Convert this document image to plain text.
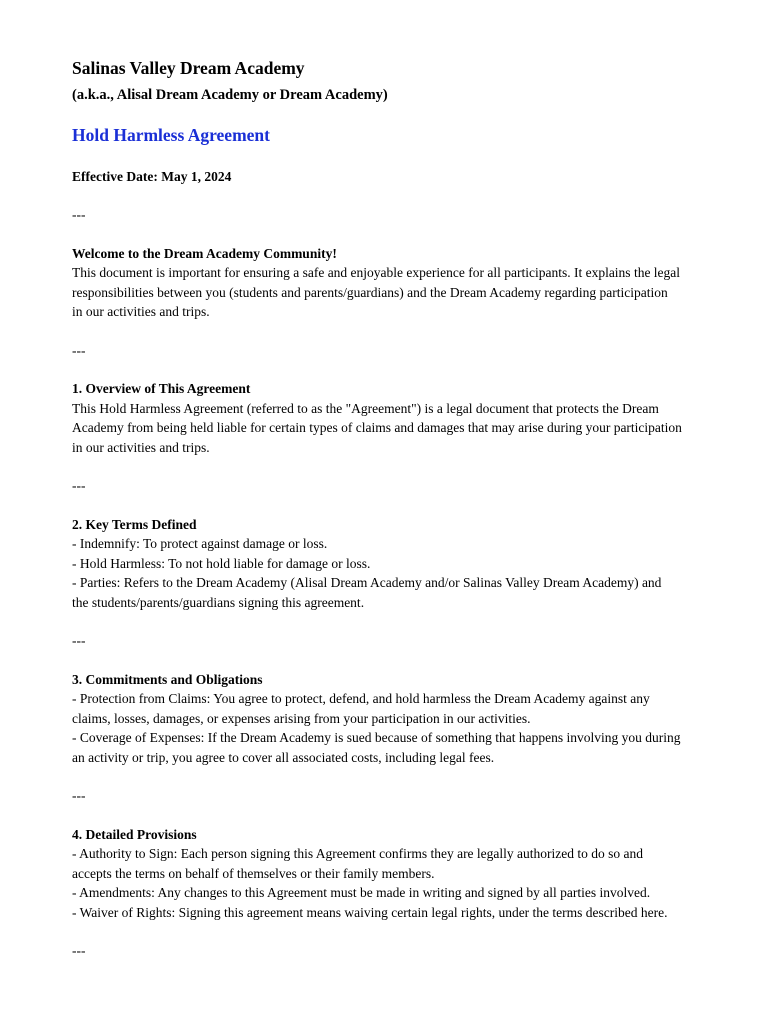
Salinas Valley Dream Academy

(a.k.a., Alisal Dream Academy or Dream Academy)

Hold Harmless Agreement

Effective Date: May 1, 2024

---

Welcome to the Dream Academy Community!

This document is important for ensuring a safe and enjoyable experience for all participants. It explains the legal
responsibilities between you (students and parents/guardians) and the Dream Academy regarding participation
in our activities and trips.

---

1. Overview of This Agreement

This Hold Harmless Agreement (referred to as the "Agreement") is a legal document that protects the Dream
Academy from being held liable for certain types of claims and damages that may arise during your participation
in our activities and trips.

---

2. Key Terms Defined

- Indemnify: To protect against damage or loss.
- Hold Harmless: To not hold liable for damage or loss.
- Parties: Refers to the Dream Academy (Alisal Dream Academy and/or Salinas Valley Dream Academy) and
the students/parents/guardians signing this agreement.

---

3. Commitments and Obligations

- Protection from Claims: You agree to protect, defend, and hold harmless the Dream Academy against any
claims, losses, damages, or expenses arising from your participation in our activities.
- Coverage of Expenses: If the Dream Academy is sued because of something that happens involving you during
an activity or trip, you agree to cover all associated costs, including legal fees.

---

4. Detailed Provisions

- Authority to Sign: Each person signing this Agreement confirms they are legally authorized to do so and
accepts the terms on behalf of themselves or their family members.
- Amendments: Any changes to this Agreement must be made in writing and signed by all parties involved.
- Waiver of Rights: Signing this agreement means waiving certain legal rights, under the terms described here.

---
